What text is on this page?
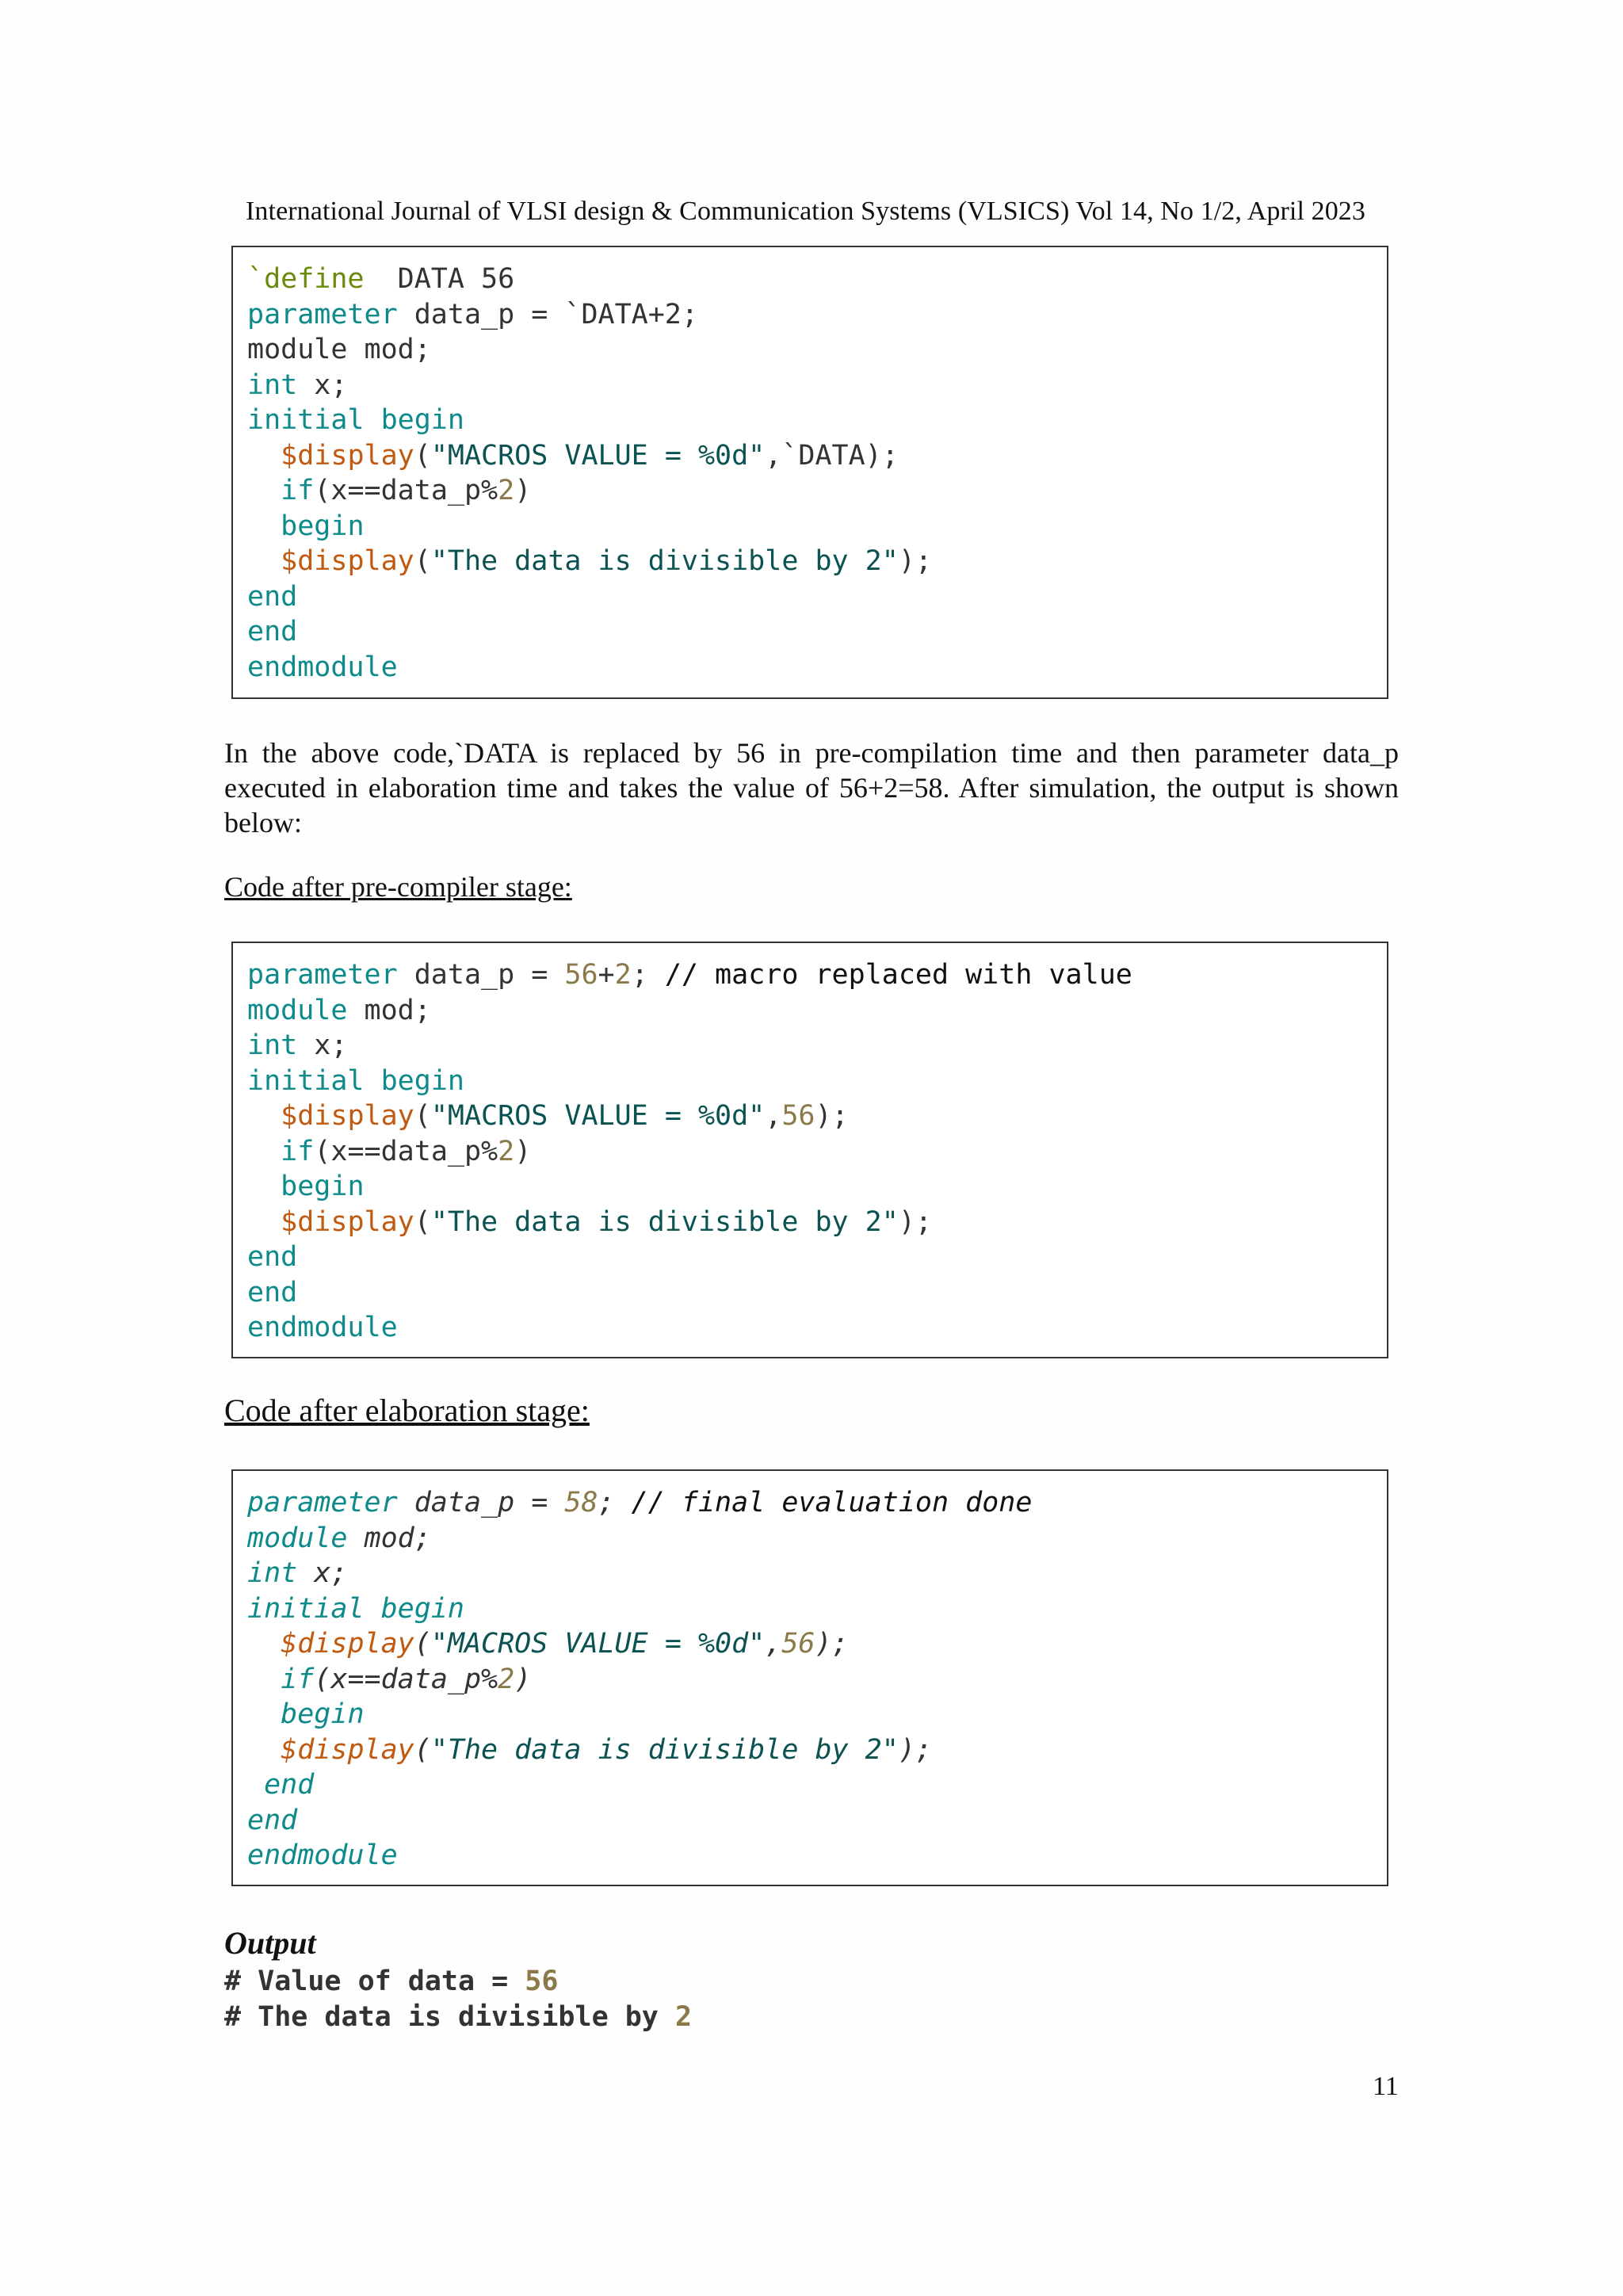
International Journal of VLSI design & Communication Systems (VLSICS) Vol 14, No 1/2, April 2023
`define  DATA 56
parameter data_p = `DATA+2;
module mod;
int x;
initial begin
$display("MACROS VALUE = %0d",`DATA);
if(x==data_p%2)
begin
$display("The data is divisible by 2");
end
end
endmodule
In the above code,`DATA is replaced by 56 in pre-compilation time and then parameter data_p executed in elaboration time and takes the value of 56+2=58. After simulation, the output is shown below:
Code after pre-compiler stage:
parameter data_p = 56+2; // macro replaced with value
module mod;
int x;
initial begin
$display("MACROS VALUE = %0d",56);
if(x==data_p%2)
begin
$display("The data is divisible by 2");
end
end
endmodule
Code after elaboration stage:
parameter data_p = 58; // final evaluation done
module mod;
int x;
initial begin
$display("MACROS VALUE = %0d",56);
if(x==data_p%2)
begin
$display("The data is divisible by 2");
end
end
endmodule
Output
# Value of data = 56
# The data is divisible by 2
11
